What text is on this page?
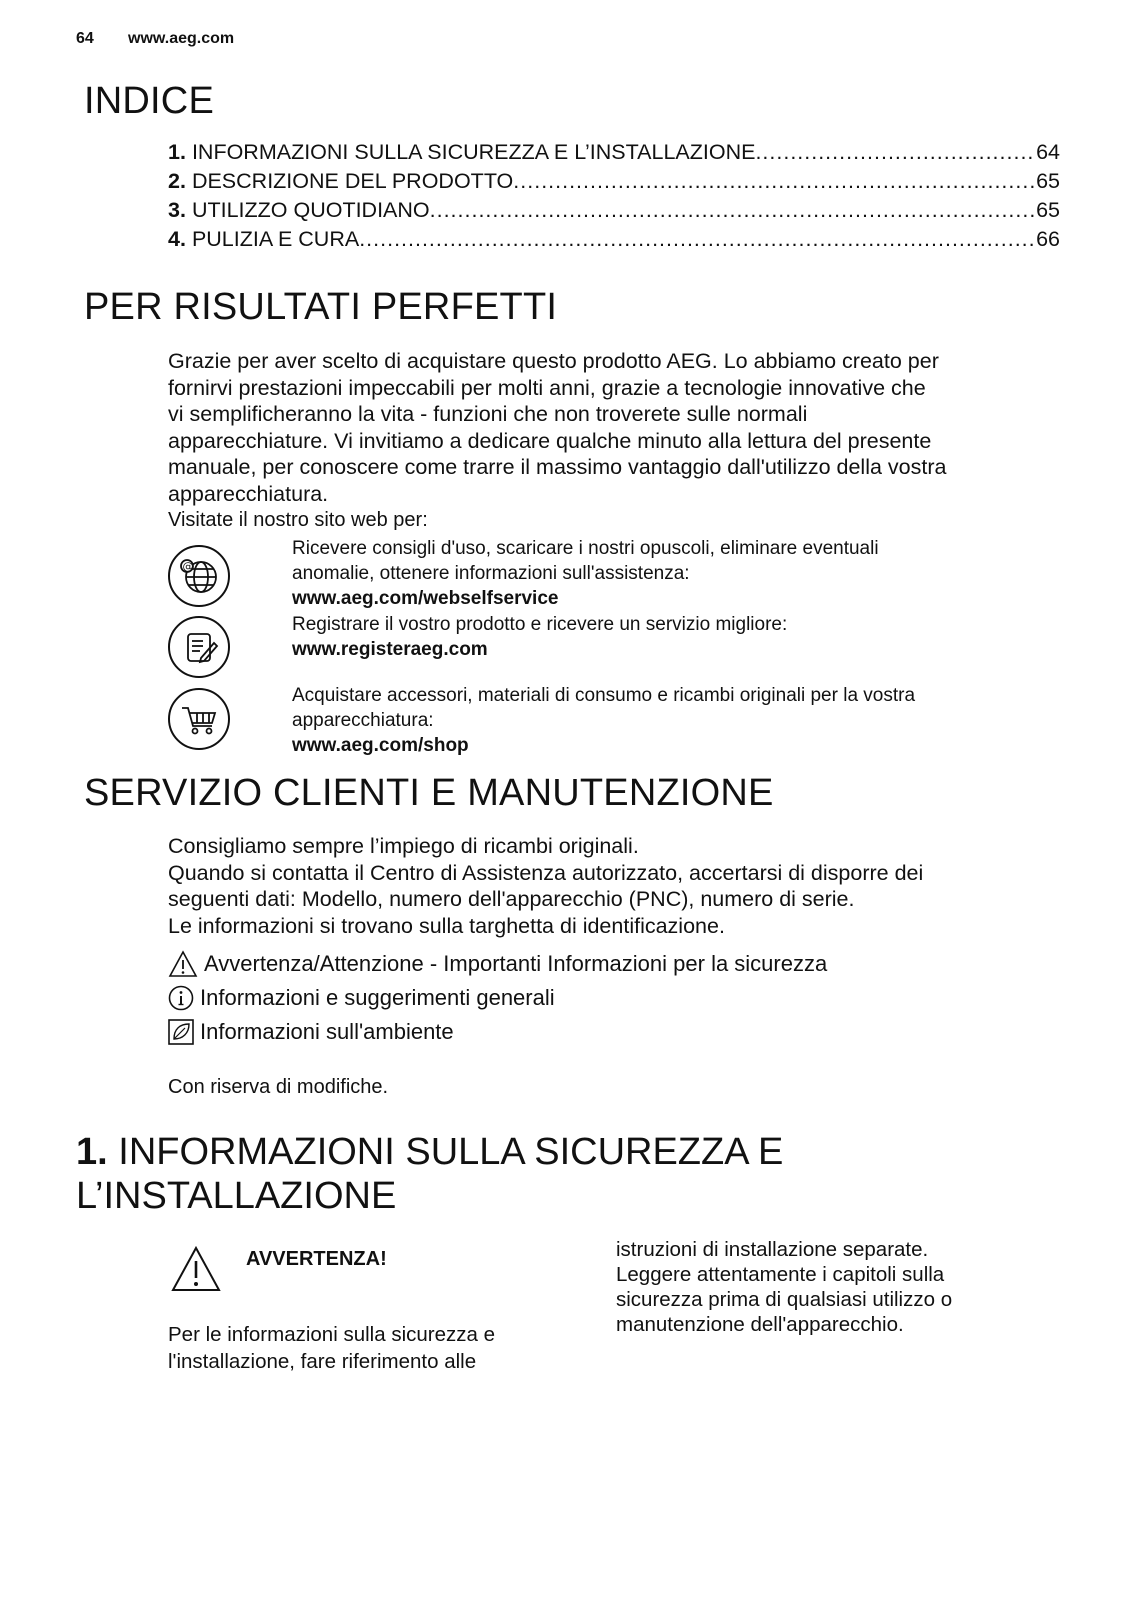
64 www.aeg.com
INDICE
1. INFORMAZIONI SULLA SICUREZZA E L’INSTALLAZIONE .....	64
2. DESCRIZIONE DEL PRODOTTO .....	65
3. UTILIZZO QUOTIDIANO .....	65
4. PULIZIA E CURA .....	66
PER RISULTATI PERFETTI
Grazie per aver scelto di acquistare questo prodotto AEG. Lo abbiamo creato per
fornirvi prestazioni impeccabili per molti anni, grazie a tecnologie innovative che
vi semplificheranno la vita - funzioni che non troverete sulle normali
apparecchiature. Vi invitiamo a dedicare qualche minuto alla lettura del presente
manuale, per conoscere come trarre il massimo vantaggio dall'utilizzo della vostra
apparecchiatura.
Visitate il nostro sito web per:
@
Ricevere consigli d'uso, scaricare i nostri opuscoli, eliminare eventuali
anomalie, ottenere informazioni sull'assistenza:
www.aeg.com/webselfservice
Registrare il vostro prodotto e ricevere un servizio migliore:
www.registeraeg.com
Acquistare accessori, materiali di consumo e ricambi originali per la vostra
apparecchiatura:
www.aeg.com/shop
SERVIZIO CLIENTI E MANUTENZIONE
Consigliamo sempre l’impiego di ricambi originali.
Quando si contatta il Centro di Assistenza autorizzato, accertarsi di disporre dei
seguenti dati: Modello, numero dell'apparecchio (PNC), numero di serie.
Le informazioni si trovano sulla targhetta di identificazione.
Avvertenza/Attenzione - Importanti Informazioni per la sicurezza
Informazioni e suggerimenti generali
Informazioni sull'ambiente
Con riserva di modifiche.
1. INFORMAZIONI SULLA SICUREZZA E
L’INSTALLAZIONE
AVVERTENZA!
Per le informazioni sulla sicurezza e
l'installazione, fare riferimento alle
istruzioni di installazione separate.
Leggere attentamente i capitoli sulla
sicurezza prima di qualsiasi utilizzo o
manutenzione dell'apparecchio.
